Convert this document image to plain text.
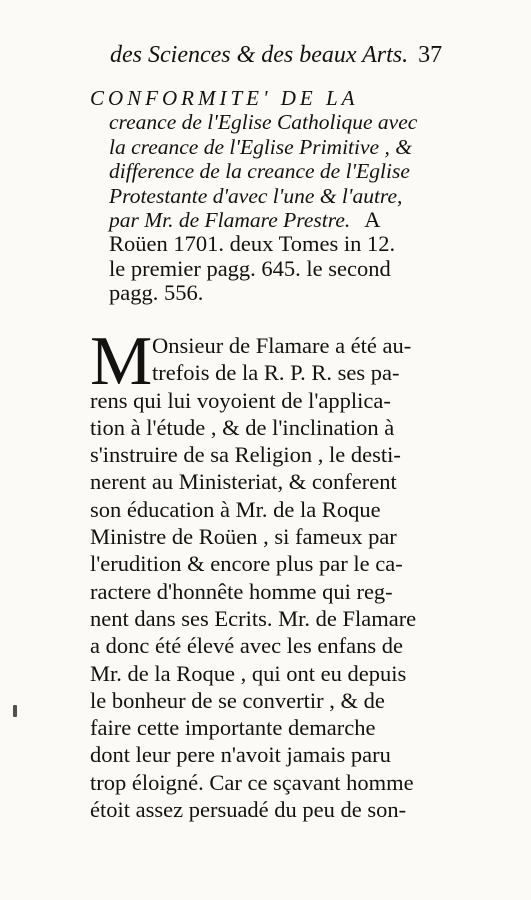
des Sciences & des beaux Arts. 37
CONFORMITE' DE LA
creance de l'Eglise Catholique avec
la creance de l'Eglise Primitive , &
difference de la creance de l'Eglise
Protestante d'avec l'une & l'autre,
par Mr. de Flamare Prestre. A
Roüen 1701. deux Tomes in 12.
le premier pagg. 645. le second
pagg. 556.
M Onsieur de Flamare a été au-
trefois de la R. P. R. ses pa-
rens qui lui voyoient de l'applica-
tion à l'étude , & de l'inclination à
s'instruire de sa Religion , le desti-
nerent au Ministeriat, & conferent
son éducation à Mr. de la Roque
Ministre de Roüen , si fameux par
l'erudition & encore plus par le ca-
ractere d'honnête homme qui reg-
nent dans ses Ecrits. Mr. de Flamare
a donc été élevé avec les enfans de
Mr. de la Roque , qui ont eu depuis
le bonheur de se convertir , & de
faire cette importante demarche
dont leur pere n'avoit jamais paru
trop éloigné. Car ce sçavant homme
étoit assez persuadé du peu de son-
